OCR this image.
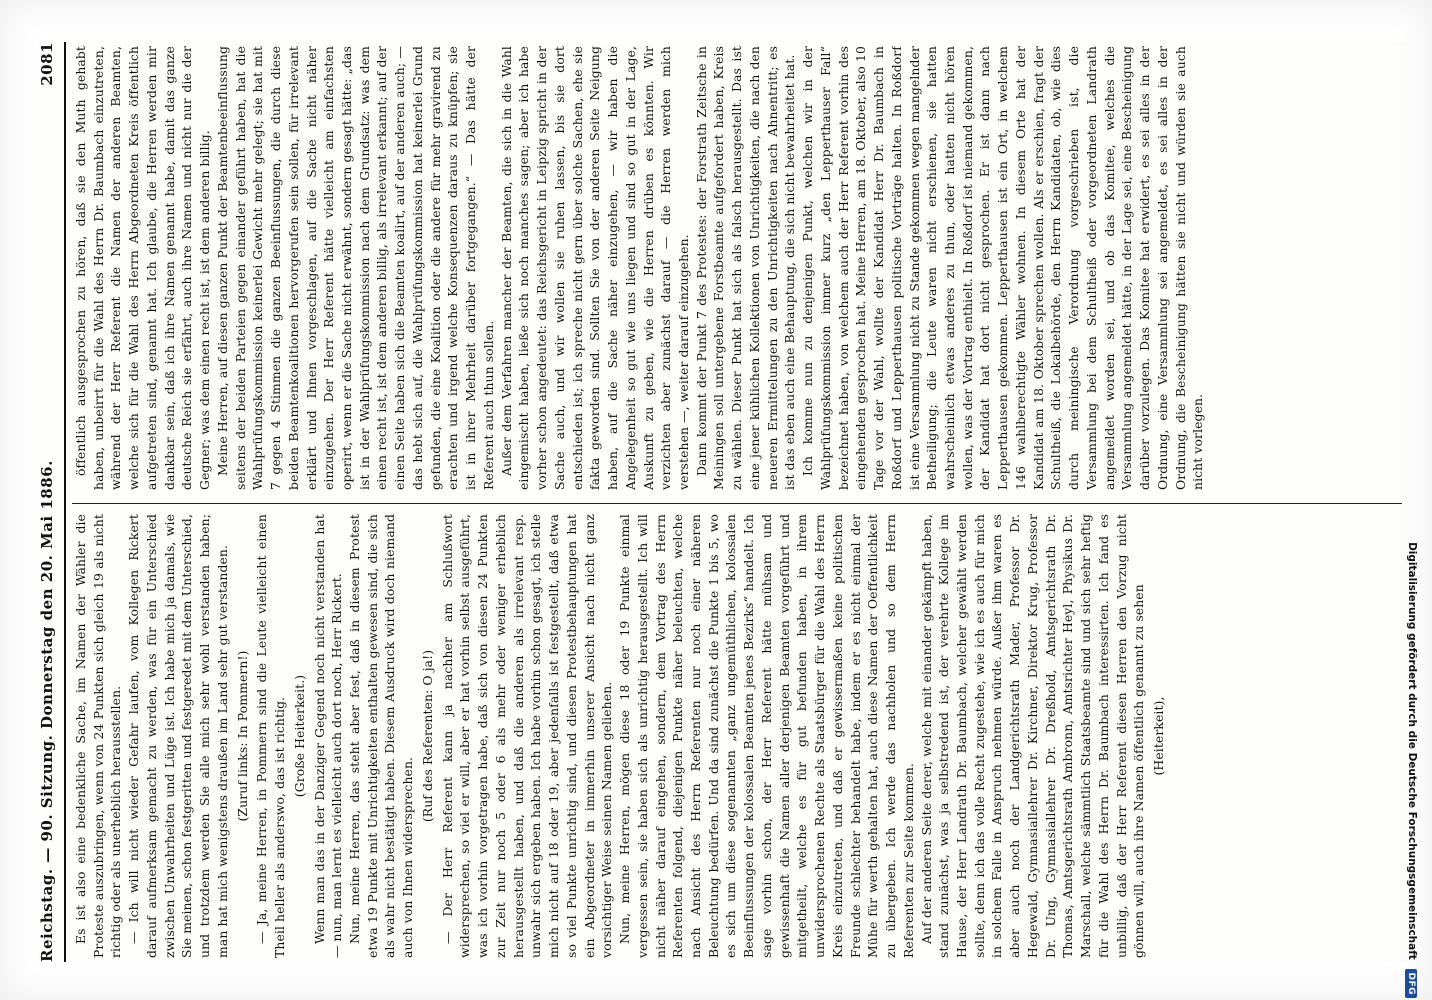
Reichstag. — 90. Sitzung. Donnerstag den 20. Mai 1886.
2081

Es ist also eine bedenkliche Sache, im Namen der Wähler die Proteste auszubringen, wenn von 24 Punkten sich gleich 19 als nicht richtig oder als unerheblich herausstellen. — Ich will nicht wieder Gefahr laufen, vom Kollegen Rickert darauf aufmerksam gemacht zu werden, was für ein Unterschied zwischen Unwahrheiten und Lüge ist. Ich habe mich ja damals, wie Sie meinen, schon festgeritten und festgeredet mit dem Unterschied, und trotzdem werden Sie alle mich sehr wohl verstanden haben; man hat mich wenigstens draußen im Land sehr gut verstanden. (Zuruf links: In Pommern!) — Ja, meine Herren, in Pommern sind die Leute vielleicht einen Theil heller als anderswo, das ist richtig. (Große Heiterkeit.) Wenn man das in der Danziger Gegend noch nicht verstanden hat — nun, man lernt es vielleicht auch dort noch, Herr Rickert. Nun, meine Herren, das steht aber fest, daß in diesem Protest etwa 19 Punkte mit Unrichtigkeiten enthalten gewesen sind, die sich als wahr nicht bestätigt haben. Diesem Ausdruck wird doch niemand auch von Ihnen widersprechen.

(Ruf des Referenten: O ja!) — Der Herr Referent kann ja nachher am Schlußwort widersprechen, so viel er will, aber er hat vorhin selbst ausgeführt, was ich vorhin vorgetragen habe, daß sich von diesen 24 Punkten zur Zeit nur noch 5 oder 6 als mehr oder weniger erheblich herausgestellt haben, und daß die anderen als irrelevant resp. unwahr sich ergeben haben. Ich habe vorhin schon gesagt, ich stelle mich nicht auf 18 oder 19, aber jedenfalls ist festgestellt, daß etwa so viel Punkte unrichtig sind, und diesen Protestbehauptungen hat ein Abgeordneter in immerhin unserer Ansicht nach nicht ganz vorsichtiger Weise seinen Namen geliehen. Nun, meine Herren, mögen diese 18 oder 19 Punkte einmal vergessen sein, sie haben sich als unrichtig herausgestellt. Ich will nicht näher darauf eingehen, sondern, dem Vortrag des Herrn Referenten folgend, diejenigen Punkte näher beleuchten, welche nach Ansicht des Herrn Referenten nur noch einer näheren Beleuchtung bedürfen. Und da sind zunächst die Punkte 1 bis 5, wo es sich um diese sogenannten „ganz ungemüthlichen, kolossalen Beeinflussungen der kolossalen Beamten jenes Bezirks“ handelt. Ich sage vorhin schon, der Herr Referent hätte mühsam und gewissenhaft die Namen aller derjenigen Beamten vorgeführt und mitgetheilt, welche es für gut befunden haben, in ihrem unwidersprochenen Rechte als Staatsbürger für die Wahl des Herrn Kreis einzutreten, und daß er gewissermaßen keine politischen Freunde schlechter behandelt habe, indem er es nicht einmal der Mühe für werth gehalten hat, auch diese Namen der Oeffentlichkeit zu übergeben. Ich werde das nachholen und so dem Herrn Referenten zur Seite kommen. Auf der anderen Seite derer, welche mit einander gekämpft haben, stand zunächst, was ja selbstredend ist, der verehrte Kollege im Hause, der Herr Landrath Dr. Baumbach, welcher gewählt werden sollte, denn ich das volle Recht zugestehe, wie ich es auch für mich in solchem Falle in Anspruch nehmen würde. Außer ihm waren es aber auch noch der Landgerichtsrath Mader, Professor Dr. Hegewald, Gymnasiallehrer Dr. Kirchner, Direktor Krug, Professor Dr. Ung, Gymnasiallehrer Dr. Dreßhold, Amtsgerichtsrath Dr. Thomas, Amtsgerichtsrath Ambronn, Amtsrichter Heyl, Physikus Dr. Marschall, welche sämmtlich Staatsbeamte sind und sich sehr heftig für die Wahl des Herrn Dr. Baumbach interessirten. Ich fand es unbillig, daß der Herr Referent diesen Herren den Vorzug nicht gönnen will, auch ihre Namen öffentlich genannt zu sehen (Heiterkeit),

öffentlich ausgesprochen zu hören, daß sie den Muth gehabt haben, unbeirrt für die Wahl des Herrn Dr. Baumbach einzutreten, während der Herr Referent die Namen der anderen Beamten, welche sich für die Wahl des Herrn Abgeordneten Kreis öffentlich aufgetreten sind, genannt hat. Ich glaube, die Herren werden mir dankbar sein, daß ich ihre Namen genannt habe, damit das ganze deutsche Reich sie erfährt, auch ihre Namen und nicht nur die der Gegner; was dem einen recht ist, ist dem anderen billig. Meine Herren, auf diesen ganzen Punkt der Beamtenbeeinflussung seitens der beiden Parteien gegen einander geführt haben, hat die Wahlprüfungskommission keinerlei Gewicht mehr gelegt; sie hat mit 7 gegen 4 Stimmen die ganzen Beeinflussungen, die durch diese beiden Beamtenkoalitionen hervorgerufen sein sollen, für irrelevant erklärt und Ihnen vorgeschlagen, auf die Sache nicht näher einzugehen. Der Herr Referent hätte vielleicht am einfachsten operirt, wenn er die Sache nicht erwähnt, sondern gesagt hätte: „das ist in der Wahlprüfungskommission nach dem Grundsatz: was dem einen recht ist, ist dem anderen billig, als irrelevant erkannt; auf der einen Seite haben sich die Beamten koalirt, auf der anderen auch; — das hebt sich auf, die Wahlprüfungskommission hat keinerlei Grund gefunden, die eine Koalition oder die andere für mehr gravirend zu erachten und irgend welche Konsequenzen daraus zu knüpfen; sie ist in ihrer Mehrheit darüber fortgegangen.“ — Das hätte der Referent auch thun sollen. Außer dem Verfahren mancher der Beamten, die sich in die Wahl eingemischt haben, ließe sich noch manches sagen; aber ich habe vorher schon angedeutet: das Reichsgericht in Leipzig spricht in der Sache auch, und wir wollen sie ruhen lassen, bis sie dort entschieden ist; ich spreche nicht gern über solche Sachen, ehe sie fakta geworden sind. Sollten Sie von der anderen Seite Neigung haben, auf die Sache näher einzugehen, — wir haben die Angelegenheit so gut wie uns liegen und sind so gut in der Lage, Auskunft zu geben, wie die Herren drüben es könnten. Wir verzichten aber zunächst darauf — die Herren werden mich verstehen —, weiter darauf einzugehen. Dann kommt der Punkt 7 des Protestes: der Forstrath Zeitsche in Meiningen soll untergebene Forstbeamte aufgefordert haben, Kreis zu wählen. Dieser Punkt hat sich als falsch herausgestellt. Das ist eine jener kühlichen Kollektionen von Unrichtigkeiten, die nach den neueren Ermittelungen zu den Unrichtigkeiten nach Ahnentritt; es ist das eben auch eine Behauptung, die sich nicht bewahrheitet hat. Ich komme nun zu denjenigen Punkt, welchen wir in der Wahlprüfungskommission immer kurz „den Lepperthauser Fall“ bezeichnet haben, von welchem auch der Herr Referent vorhin des eingehenden gesprochen hat. Meine Herren, am 18. Oktober, also 10 Tage vor der Wahl, wollte der Kandidat Herr Dr. Baumbach in Roßdorf und Lepperthausen politische Vorträge halten. In Roßdorf ist eine Versammlung nicht zu Stande gekommen wegen mangelnder Betheiligung; die Leute waren nicht erschienen, sie hatten wahrscheinlich etwas anderes zu thun, oder hatten nicht hören wollen, was der Vortrag enthielt. In Roßdorf ist niemand gekommen, der Kandidat hat dort nicht gesprochen. Er ist dann nach Lepperthausen gekommen. Lepperthausen ist ein Ort, in welchem 146 wahlberechtigte Wähler wohnen. In diesem Orte hat der Kandidat am 18. Oktober sprechen wollen. Als er erschien, fragt der Schultheiß, die Lokalbehörde, den Herrn Kandidaten, ob, wie dies durch meiningische Verordnung vorgeschrieben ist, die Versammlung bei dem Schultheiß oder vorgeordneten Landrath angemeldet worden sei, und ob das Komitee, welches die Versammlung angemeldet hätte, in der Lage sei, eine Bescheinigung darüber vorzulegen. Das Komitee hat erwidert, es sei alles in der Ordnung, eine Versammlung sei angemeldet, es sei alles in der Ordnung, die Bescheinigung hätten sie nicht und würden sie auch nicht vorlegen.

Digitalisierung gefördert durch die Deutsche Forschungsgemeinschaft DFG
